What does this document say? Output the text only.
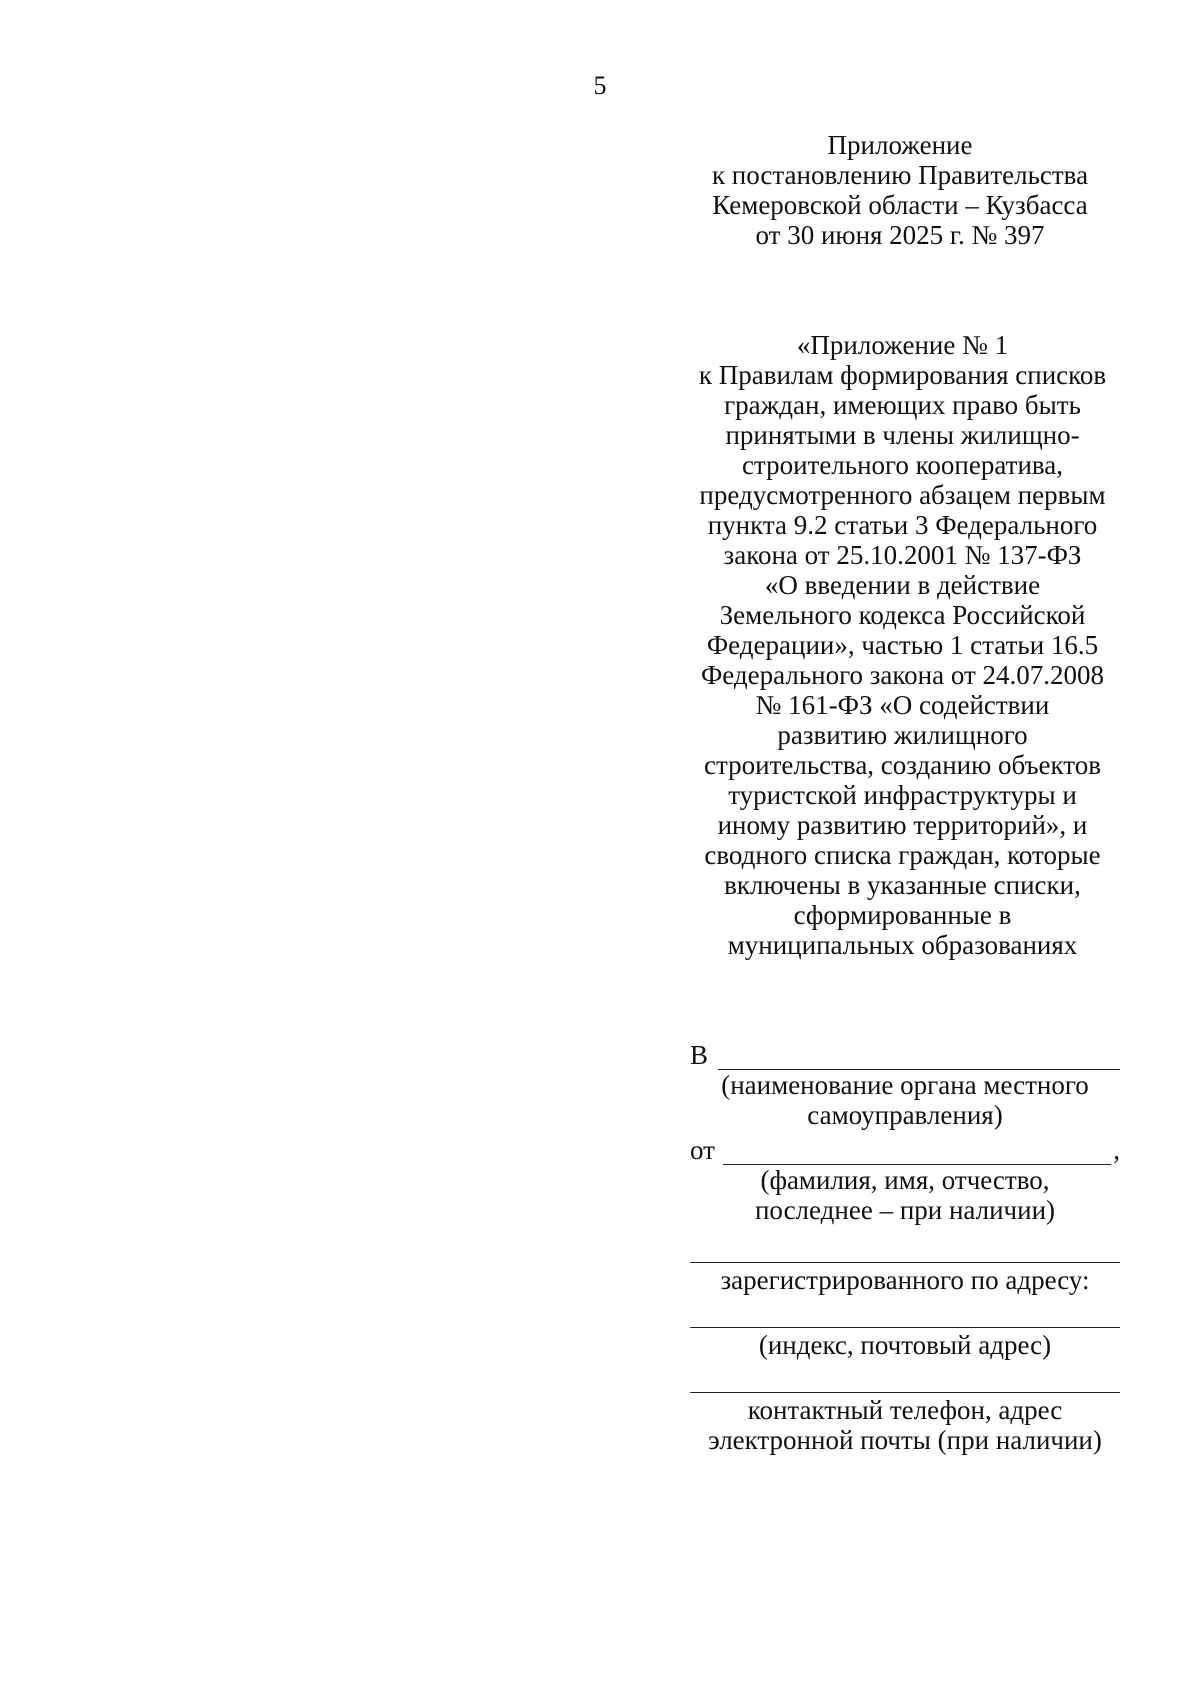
5
Приложение
к постановлению Правительства
Кемеровской области – Кузбасса
от 30 июня 2025 г. № 397
«Приложение № 1
к Правилам формирования списков
граждан, имеющих право быть
принятыми в члены жилищно-
строительного кооператива,
предусмотренного абзацем первым
пункта 9.2 статьи 3 Федерального
закона от 25.10.2001 № 137-ФЗ
«О введении в действие
Земельного кодекса Российской
Федерации», частью 1 статьи 16.5
Федерального закона от 24.07.2008
№ 161-ФЗ «О содействии
развитию жилищного
строительства, созданию объектов
туристской инфраструктуры и
иному развитию территорий», и
сводного списка граждан, которые
включены в указанные списки,
сформированные в
муниципальных образованиях
В
(наименование органа местного
самоуправления)
от	,
(фамилия, имя, отчество,
последнее – при наличии)
зарегистрированного по адресу:
(индекс, почтовый адрес)
контактный телефон, адрес
электронной почты (при наличии)
